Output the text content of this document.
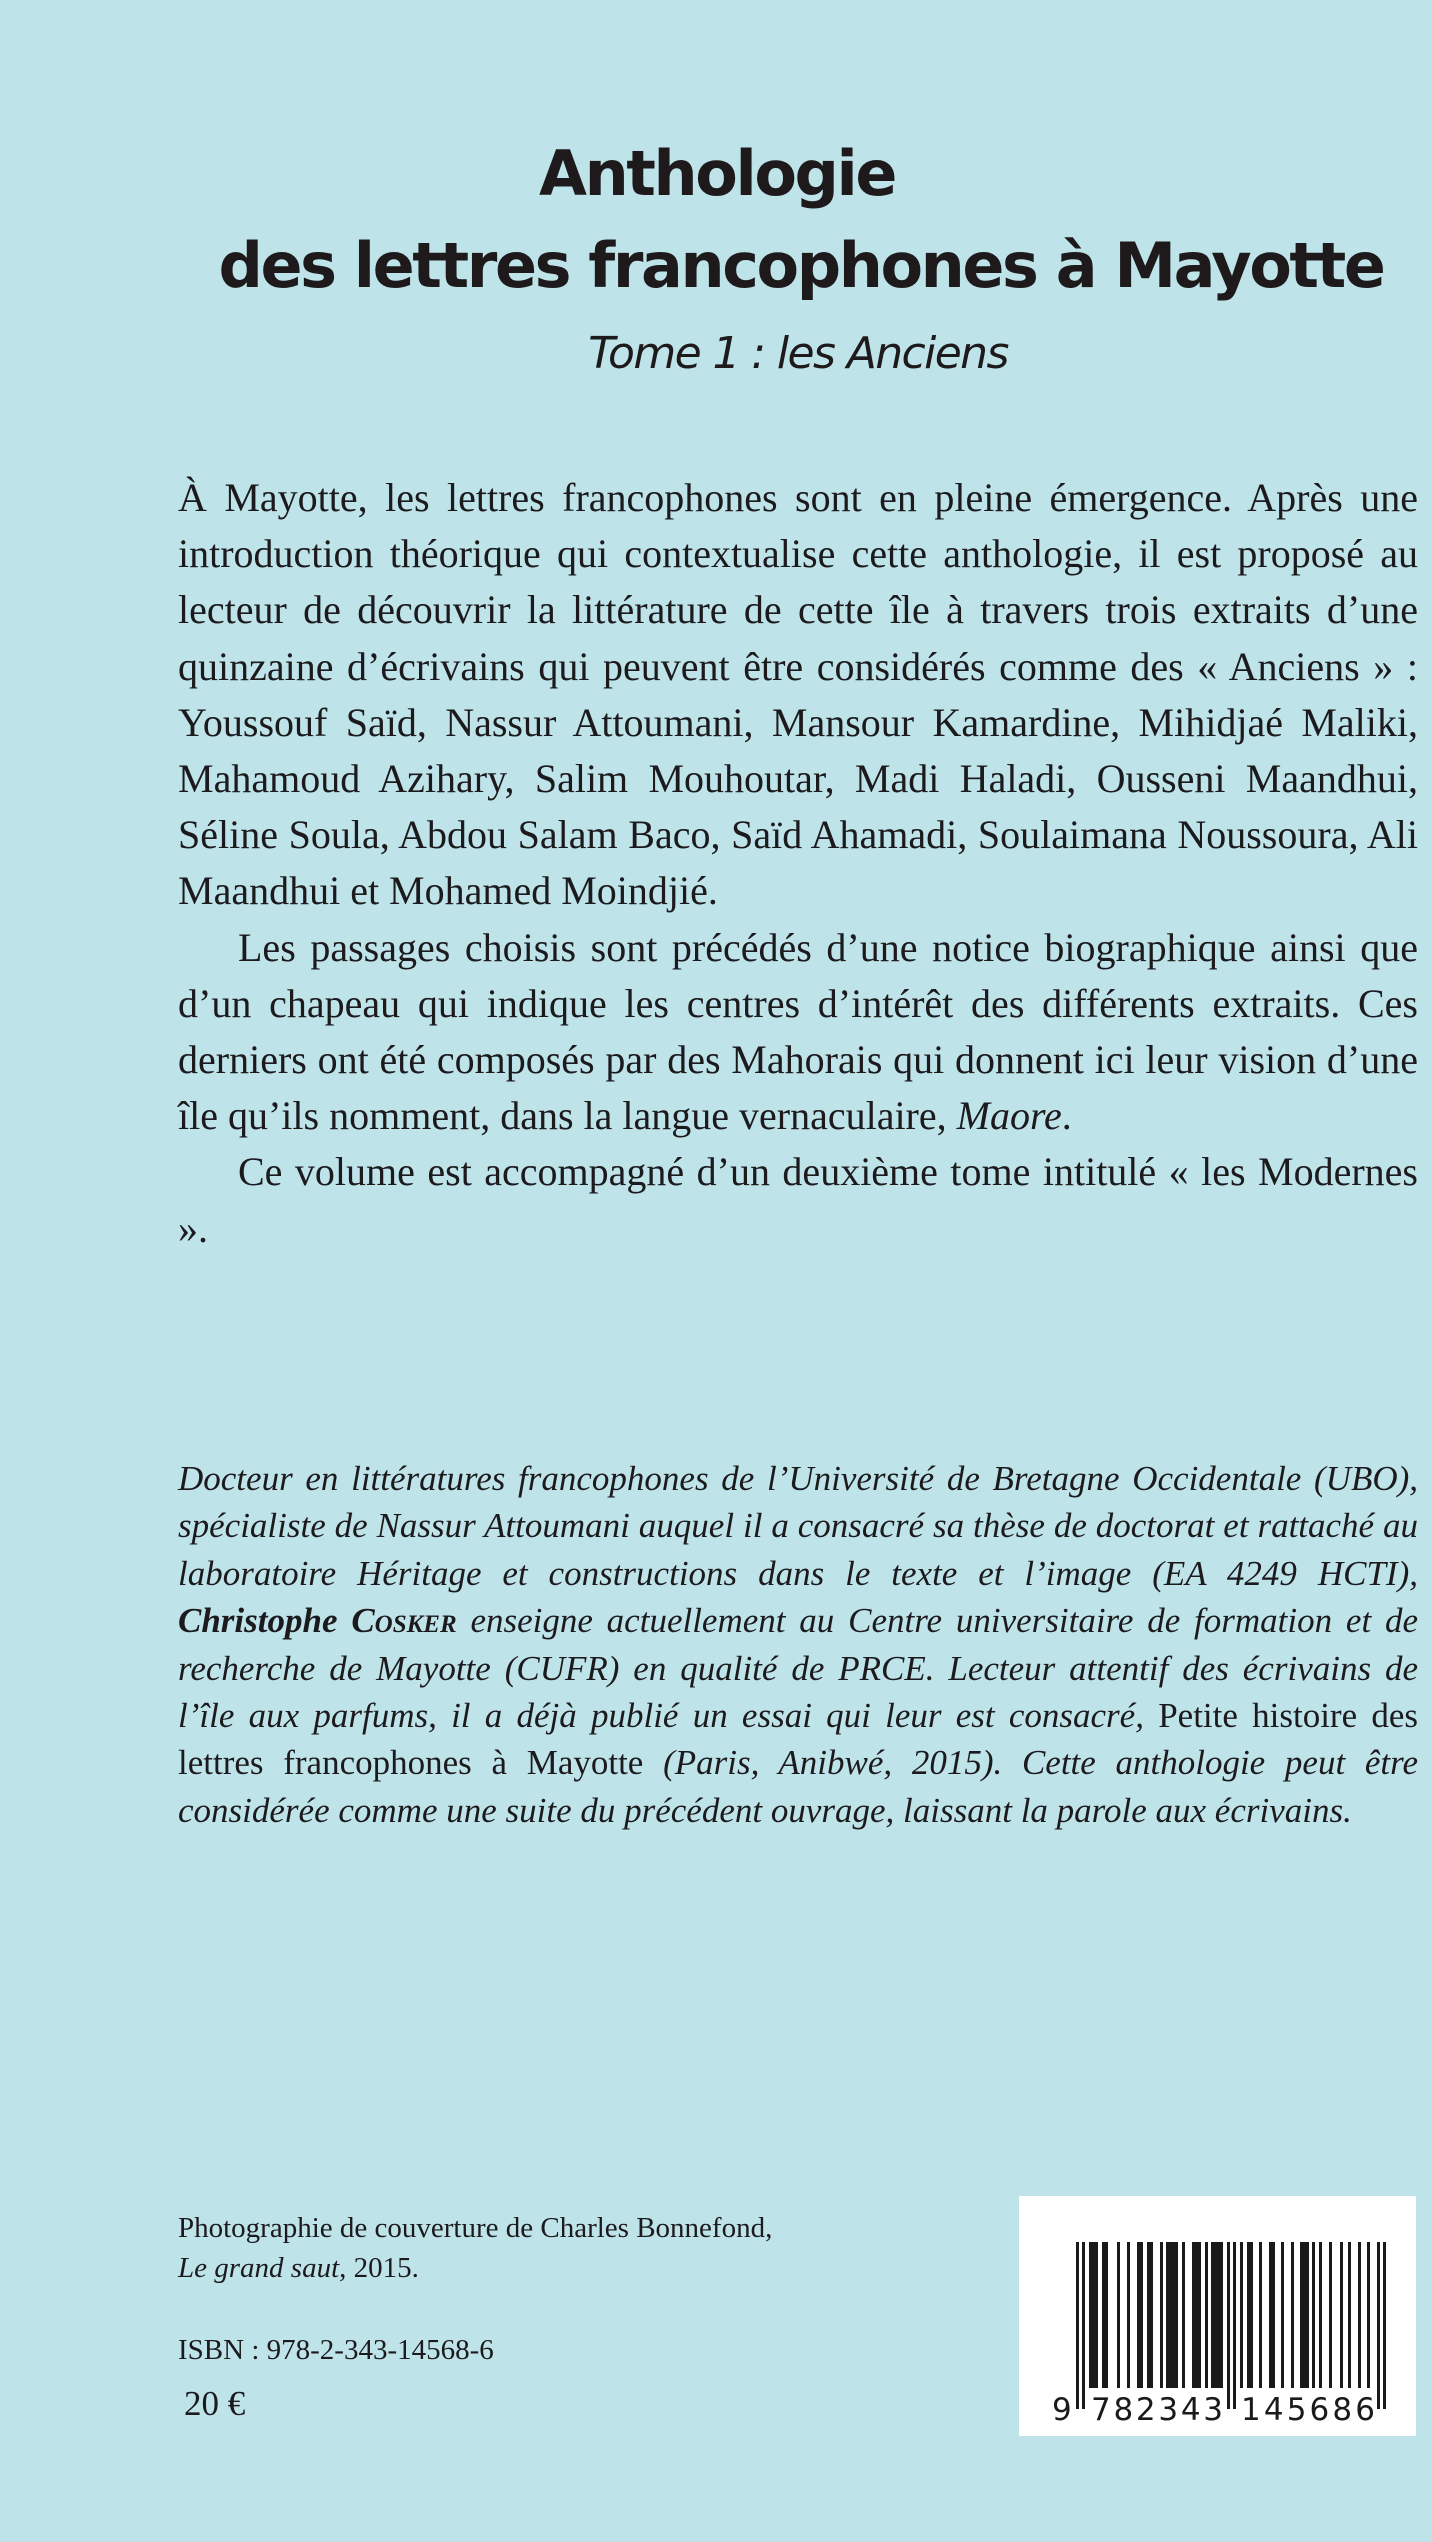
Anthologie
des lettres francophones à Mayotte
Tome 1 : les Anciens

À Mayotte, les lettres francophones sont en pleine émergence. Après une introduction théorique qui contextualise cette anthologie, il est proposé au lecteur de découvrir la littérature de cette île à travers trois extraits d’une quinzaine d’écrivains qui peuvent être considérés comme des « Anciens » : Youssouf Saïd, Nassur Attoumani, Mansour Kamardine, Mihidjaé Maliki, Mahamoud Azihary, Salim Mouhoutar, Madi Haladi, Ousseni Maandhui, Séline Soula, Abdou Salam Baco, Saïd Ahamadi, Soulaimana Noussoura, Ali Maandhui et Mohamed Moindjié.

Les passages choisis sont précédés d’une notice biographique ainsi que d’un chapeau qui indique les centres d’intérêt des différents extraits. Ces derniers ont été composés par des Mahorais qui donnent ici leur vision d’une île qu’ils nomment, dans la langue vernaculaire, Maore.

Ce volume est accompagné d’un deuxième tome intitulé « les Modernes ».

Docteur en littératures francophones de l’Université de Bretagne Occidentale (UBO), spécialiste de Nassur Attoumani auquel il a consacré sa thèse de doctorat et rattaché au laboratoire Héritage et constructions dans le texte et l’image (EA 4249 HCTI), Christophe Cosker enseigne actuellement au Centre universitaire de formation et de recherche de Mayotte (CUFR) en qualité de PRCE. Lecteur attentif des écrivains de l’île aux parfums, il a déjà publié un essai qui leur est consacré, Petite histoire des lettres francophones à Mayotte (Paris, Anibwé, 2015). Cette anthologie peut être considérée comme une suite du précédent ouvrage, laissant la parole aux écrivains.

Photographie de couverture de Charles Bonnefond,

Le grand saut, 2015.

ISBN : 978-2-343-14568-6
20 €	9 782343 145686
